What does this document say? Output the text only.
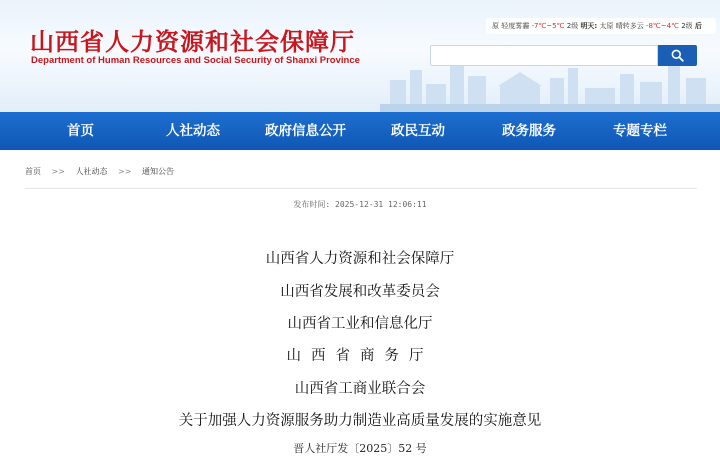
山西省人力资源和社会保障厅
Department of Human Resources and Social Security of Shanxi Province
原 轻度雾霾 -7℃~5℃ 2级 明天: 太原 晴转多云 -8℃~4℃ 2级 后
首页	人社动态	政府信息公开	政民互动	政务服务	专题专栏
首页 >> 人社动态 >> 通知公告
发布时间: 2025-12-31 12:06:11
山西省人力资源和社会保障厅
山西省发展和改革委员会
山西省工业和信息化厅
山西省商务厅
山西省工商业联合会
关于加强人力资源服务助力制造业高质量发展的实施意见
晋人社厅发〔2025〕52 号
